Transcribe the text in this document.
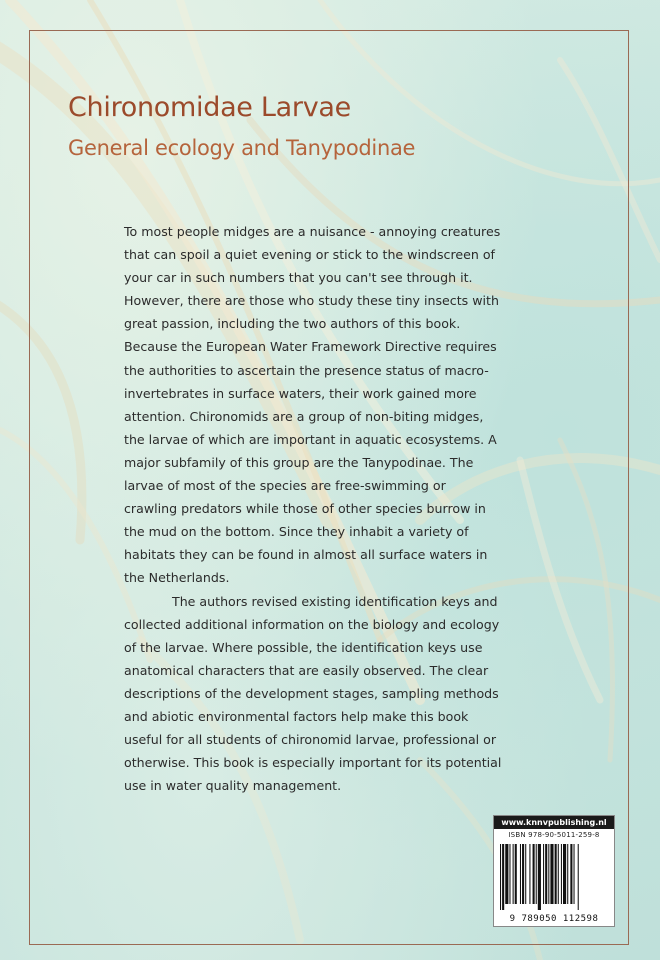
Chironomidae Larvae
General ecology and Tanypodinae

To most people midges are a nuisance - annoying creatures that can spoil a quiet evening or stick to the windscreen of your car in such numbers that you can't see through it. However, there are those who study these tiny insects with great passion, including the two authors of this book. Because the European Water Framework Directive requires the authorities to ascertain the presence status of macro-invertebrates in surface waters, their work gained more attention. Chironomids are a group of non-biting midges, the larvae of which are important in aquatic ecosystems. A major subfamily of this group are the Tanypodinae. The larvae of most of the species are free-swimming or crawling predators while those of other species burrow in the mud on the bottom. Since they inhabit a variety of habitats they can be found in almost all surface waters in the Netherlands.

The authors revised existing identification keys and collected additional information on the biology and ecology of the larvae. Where possible, the identification keys use anatomical characters that are easily observed. The clear descriptions of the development stages, sampling methods and abiotic environmental factors help make this book useful for all students of chironomid larvae, professional or otherwise. This book is especially important for its potential use in water quality management.

www.knnvpublishing.nl
ISBN 978-90-5011-259-8
9 789050 112598
